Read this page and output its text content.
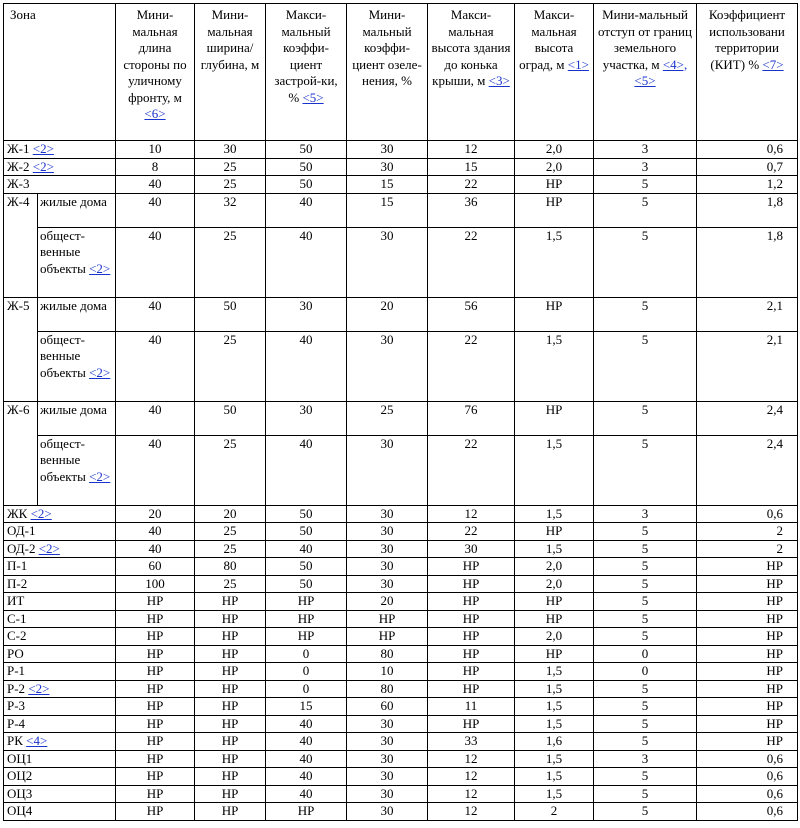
Зона		Мини-мальная длина стороны по уличному фронту, м <6>	Мини-мальная ширина/глубина, м	Макси-мальный коэффи-циент застрой-ки, % <5>	Мини-мальный коэффи-циент озеле-нения, %	Макси-мальная высота здания до конька крыши, м <3>	Макси-мальная высота оград, м <1>	Мини-мальный отступ от границ земельного участка, м <4>, <5>	Коэффициент использовани территории (КИТ) % <7>
Ж-1 <2>		10	30	50	30	12	2,0	3	0,6
Ж-2 <2>		8	25	50	30	15	2,0	3	0,7
Ж-3		40	25	50	15	22	НР	5	1,2
Ж-4	жилые дома	40	32	40	15	36	НР	5	1,8
	общест-венные объекты <2>	40	25	40	30	22	1,5	5	1,8
Ж-5	жилые дома	40	50	30	20	56	НР	5	2,1
	общест-венные объекты <2>	40	25	40	30	22	1,5	5	2,1
Ж-6	жилые дома	40	50	30	25	76	НР	5	2,4
	общест-венные объекты <2>	40	25	40	30	22	1,5	5	2,4
ЖК <2>		20	20	50	30	12	1,5	3	0,6
ОД-1		40	25	50	30	22	НР	5	2
ОД-2 <2>		40	25	40	30	30	1,5	5	2
П-1		60	80	50	30	НР	2,0	5	НР
П-2		100	25	50	30	НР	2,0	5	НР
ИТ		НР	НР	НР	20	НР	НР	5	НР
С-1		НР	НР	НР	НР	НР	НР	5	НР
С-2		НР	НР	НР	НР	НР	2,0	5	НР
РО		НР	НР	0	80	НР	НР	0	НР
Р-1		НР	НР	0	10	НР	1,5	0	НР
Р-2 <2>		НР	НР	0	80	НР	1,5	5	НР
Р-3		НР	НР	15	60	11	1,5	5	НР
Р-4		НР	НР	40	30	НР	1,5	5	НР
РК <4>		НР	НР	40	30	33	1,6	5	НР
ОЦ1		НР	НР	40	30	12	1,5	3	0,6
ОЦ2		НР	НР	40	30	12	1,5	5	0,6
ОЦ3		НР	НР	40	30	12	1,5	5	0,6
ОЦ4		НР	НР	НР	30	12	2	5	0,6
